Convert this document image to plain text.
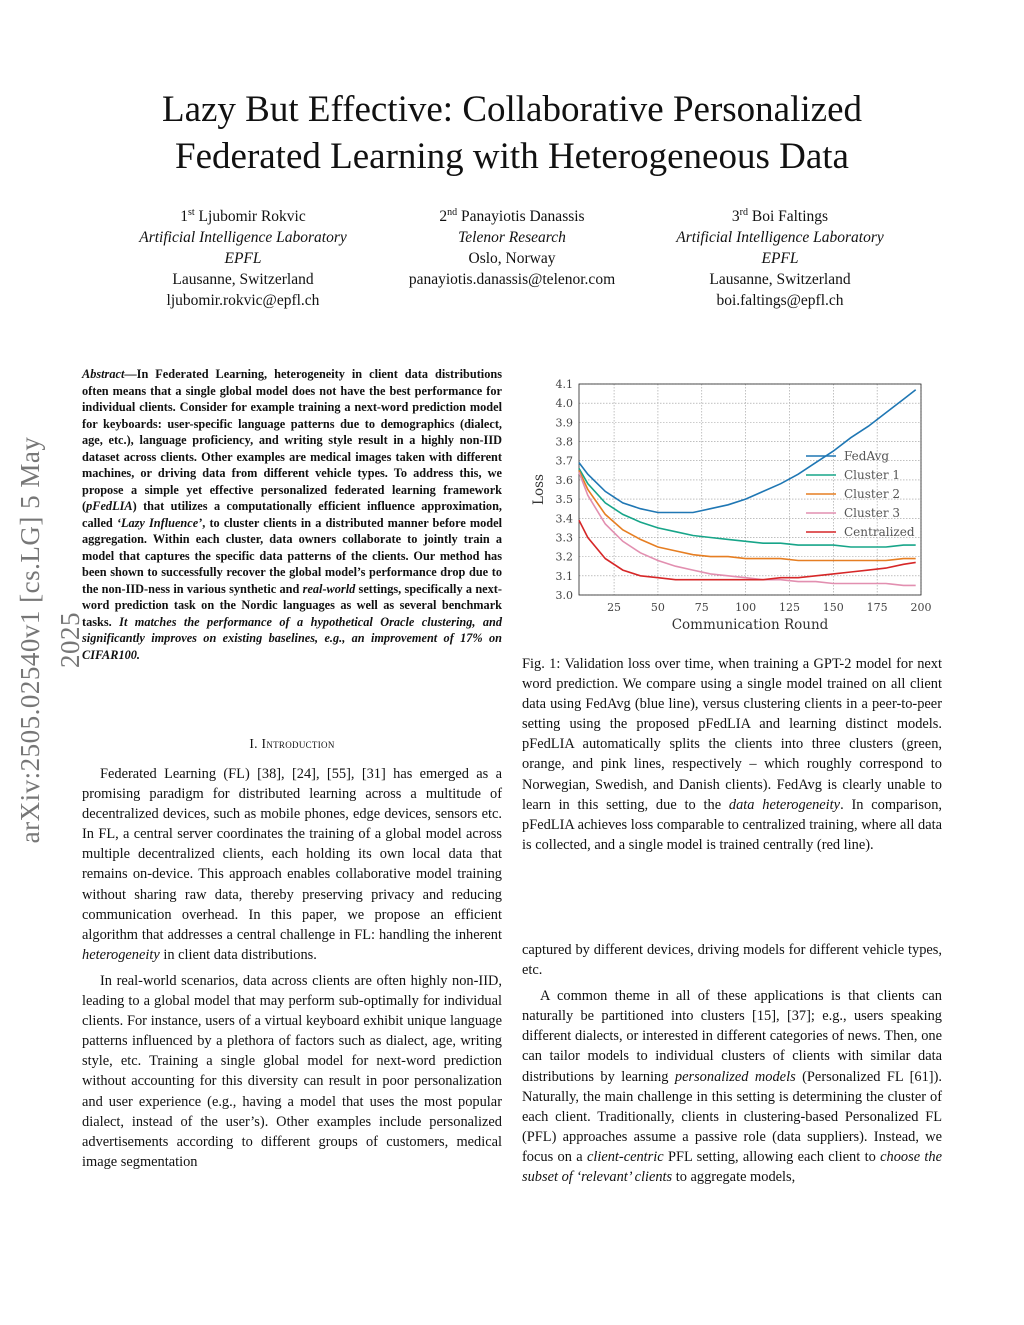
arXiv:2505.02540v1 [cs.LG] 5 May 2025
Lazy But Effective: Collaborative Personalized
Federated Learning with Heterogeneous Data
1st Ljubomir Rokvic
Artificial Intelligence Laboratory
EPFL
Lausanne, Switzerland
ljubomir.rokvic@epfl.ch
2nd Panayiotis Danassis
Telenor Research
Oslo, Norway
panayiotis.danassis@telenor.com
3rd Boi Faltings
Artificial Intelligence Laboratory
EPFL
Lausanne, Switzerland
boi.faltings@epfl.ch
Abstract—In Federated Learning, heterogeneity in client data distributions often means that a single global model does not have the best performance for individual clients. Consider for example training a next-word prediction model for keyboards: user-specific language patterns due to demographics (dialect, age, etc.), language proficiency, and writing style result in a highly non-IID dataset across clients. Other examples are medical images taken with different machines, or driving data from different vehicle types. To address this, we propose a simple yet effective personalized federated learning framework (pFedLIA) that utilizes a computationally efficient influence approximation, called ‘Lazy Influence’, to cluster clients in a distributed manner before model aggregation. Within each cluster, data owners collaborate to jointly train a model that captures the specific data patterns of the clients. Our method has been shown to successfully recover the global model’s performance drop due to the non-IID-ness in various synthetic and real-world settings, specifically a next-word prediction task on the Nordic languages as well as several benchmark tasks. It matches the performance of a hypothetical Oracle clustering, and significantly improves on existing baselines, e.g., an improvement of 17% on CIFAR100.
I. Introduction

Federated Learning (FL) [38], [24], [55], [31] has emerged as a promising paradigm for distributed learning across a multitude of decentralized devices, such as mobile phones, edge devices, sensors etc. In FL, a central server coordinates the training of a global model across multiple decentralized clients, each holding its own local data that remains on-device. This approach enables collaborative model training without sharing raw data, thereby preserving privacy and reducing communication overhead. In this paper, we propose an efficient algorithm that addresses a central challenge in FL: handling the inherent heterogeneity in client data distributions.

In real-world scenarios, data across clients are often highly non-IID, leading to a global model that may perform sub-optimally for individual clients. For instance, users of a virtual keyboard exhibit unique language patterns influenced by a plethora of factors such as dialect, age, writing style, etc. Training a single global model for next-word prediction without accounting for this diversity can result in poor personalization and user experience (e.g., having a model that uses the most popular dialect, instead of the user’s). Other examples include personalized advertisements according to different groups of customers, medical image segmentation

3.0
3.1
3.2
3.3
3.4
3.5
3.6
3.7
3.8
3.9
4.0
4.1
25	50	75 100 125 150 175 200
Communication Round
Loss
FedAvg
Cluster 1
Cluster 2
Cluster 3
Centralized
Fig. 1: Validation loss over time, when training a GPT-2 model for next word prediction. We compare using a single model trained on all client data using FedAvg (blue line), versus clustering clients in a peer-to-peer setting using the proposed pFedLIA and learning distinct models. pFedLIA automatically splits the clients into three clusters (green, orange, and pink lines, respectively – which roughly correspond to Norwegian, Swedish, and Danish clients). FedAvg is clearly unable to learn in this setting, due to the data heterogeneity. In comparison, pFedLIA achieves loss comparable to centralized training, where all data is collected, and a single model is trained centrally (red line).

captured by different devices, driving models for different vehicle types, etc.

A common theme in all of these applications is that clients can naturally be partitioned into clusters [15], [37]; e.g., users speaking different dialects, or interested in different categories of news. Then, one can tailor models to individual clusters of clients with similar data distributions by learning personalized models (Personalized FL [61]). Naturally, the main challenge in this setting is determining the cluster of each client. Traditionally, clients in clustering-based Personalized FL (PFL) approaches assume a passive role (data suppliers). Instead, we focus on a client-centric PFL setting, allowing each client to choose the subset of ‘relevant’ clients to aggregate models,
